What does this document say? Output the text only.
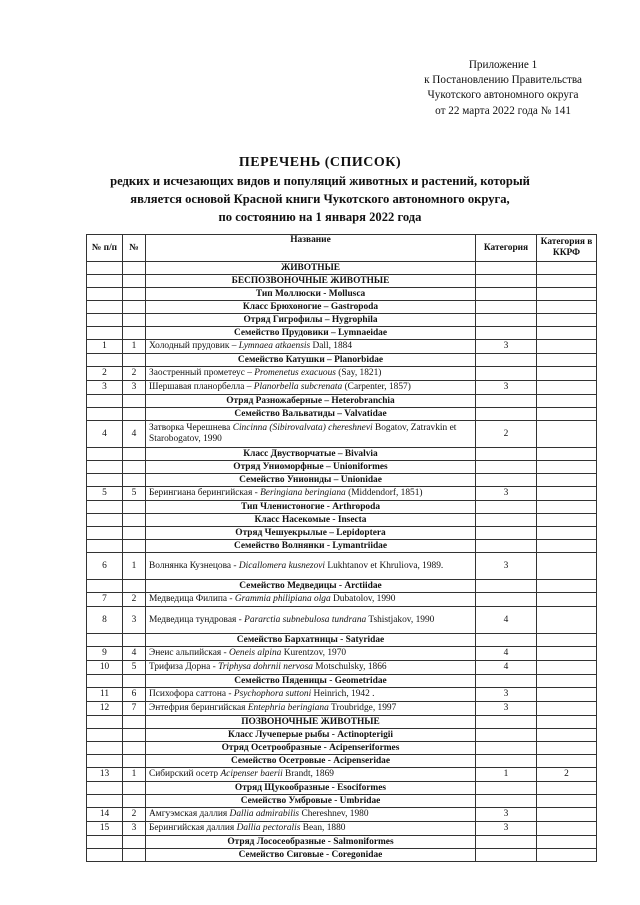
Приложение 1
к Постановлению Правительства
Чукотского автономного округа
от 22 марта 2022 года № 141
ПЕРЕЧЕНЬ (СПИСОК)
редких и исчезающих видов и популяций животных и растений, который
является основой Красной книги Чукотского автономного округа,
по состоянию на 1 января 2022 года
№ п/п	№	Название	Категория	Категория в ККРФ
		ЖИВОТНЫЕ		
		БЕСПОЗВОНОЧНЫЕ ЖИВОТНЫЕ		
		Тип Моллюски - Mollusca		
		Класс Брюхоногие – Gastropoda		
		Отряд Гигрофилы – Hygrophila		
		Семейство Прудовики – Lymnaeidae		
1	1	Холодный прудовик – Lymnaea atkaensis Dall, 1884	3	
		Семейство Катушки – Planorbidae		
2	2	Заостренный прометеус – Promenetus exacuous (Say, 1821)		
3	3	Шершавая планорбелла – Planorbella subcrenata (Carpenter, 1857)	3	
		Отряд Разножаберные – Heterobranchia		
		Семейство Вальватиды – Valvatidae		
4	4	Затворка Черешнева Cincinna (Sibirovalvata) chereshnevi Bogatov, Zatravkin et Starobogatov, 1990	2	
		Класс Двустворчатые – Bivalvia		
		Отряд Униоморфные – Unioniformes		
		Семейство Униониды – Unionidae		
5	5	Берингиана берингийская - Beringiana beringiana (Middendorf, 1851)	3	
		Тип Членистоногие - Arthropoda		
		Класс Насекомые - Insecta		
		Отряд Чешуекрылые – Lepidoptera		
		Семейство Волнянки - Lymantriidae		
6	1	Волнянка Кузнецова - Dicallomera kusnezovi Lukhtanov et Khruliova, 1989.	3	
		Семейство Медведицы - Arctiidae		
7	2	Медведица Филипа - Grammia philipiana olga Dubatolov, 1990		
8	3	Медведица тундровая - Pararctia subnebulosa tundrana Tshistjakov, 1990	4	
		Семейство Бархатницы - Satyridae		
9	4	Энеис альпийская - Oeneis alpina Kurentzov, 1970	4	
10	5	Трифиза Дорна - Triphysa dohrnii nervosa Motschulsky, 1866	4	
		Семейство Пяденицы - Geometridae		
11	6	Психофора саттона - Psychophora suttoni Heinrich, 1942 .	3	
12	7	Энтефрия берингийская Entephria beringiana Troubridge, 1997	3	
		ПОЗВОНОЧНЫЕ ЖИВОТНЫЕ		
		Класс Лучеперые рыбы - Actinopterigii		
		Отряд Осетрообразные - Acipenseriformes		
		Семейство Осетровые - Acipenseridae		
13	1	Сибирский осетр Acipenser baerii Brandt, 1869	1	2
		Отряд Щукообразные - Esociformes		
		Семейство Умбровые - Umbridae		
14	2	Амгуэмская даллия Dallia admirabilis Chereshnev, 1980	3	
15	3	Берингийская даллия Dallia pectoralis Bean, 1880	3	
		Отряд Лососеобразные - Salmoniformes		
		Семейство Сиговые - Coregonidae		
